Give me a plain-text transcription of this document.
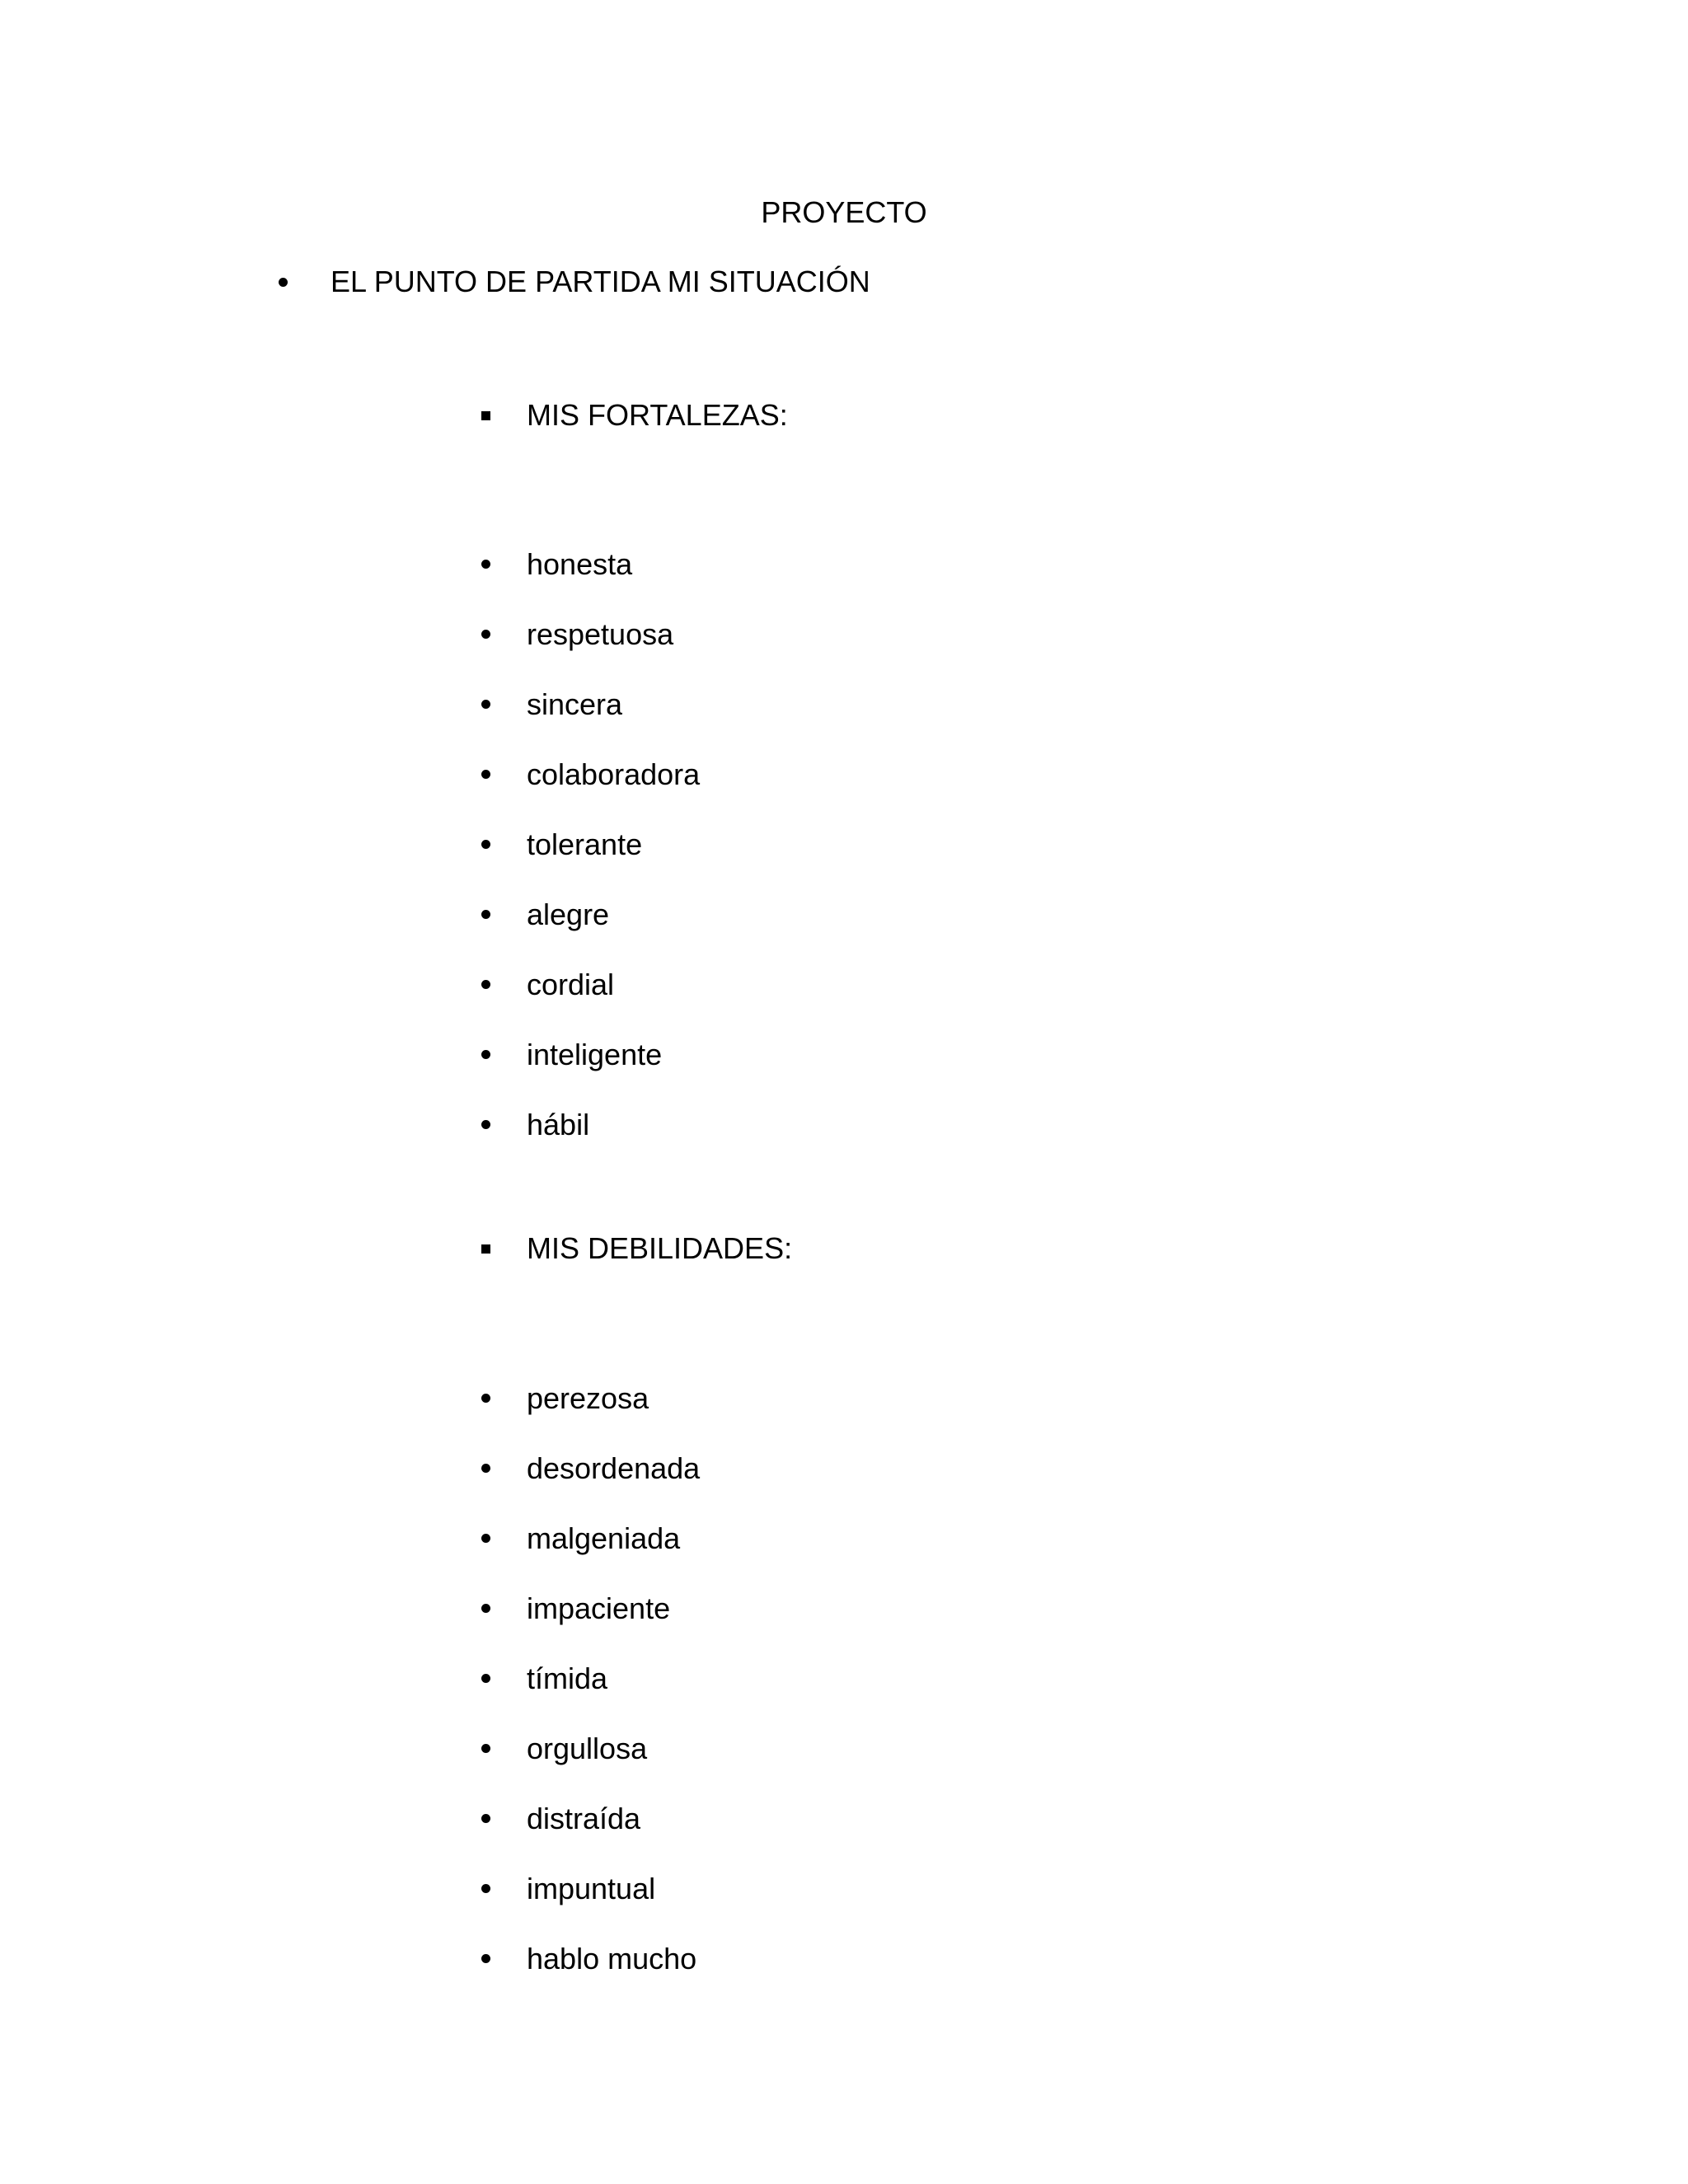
PROYECTO
EL PUNTO DE PARTIDA MI SITUACIÓN
MIS FORTALEZAS:
honesta
respetuosa
sincera
colaboradora
tolerante
alegre
cordial
inteligente
hábil
MIS DEBILIDADES:
perezosa
desordenada
malgeniada
impaciente
tímida
orgullosa
distraída
impuntual
hablo mucho
